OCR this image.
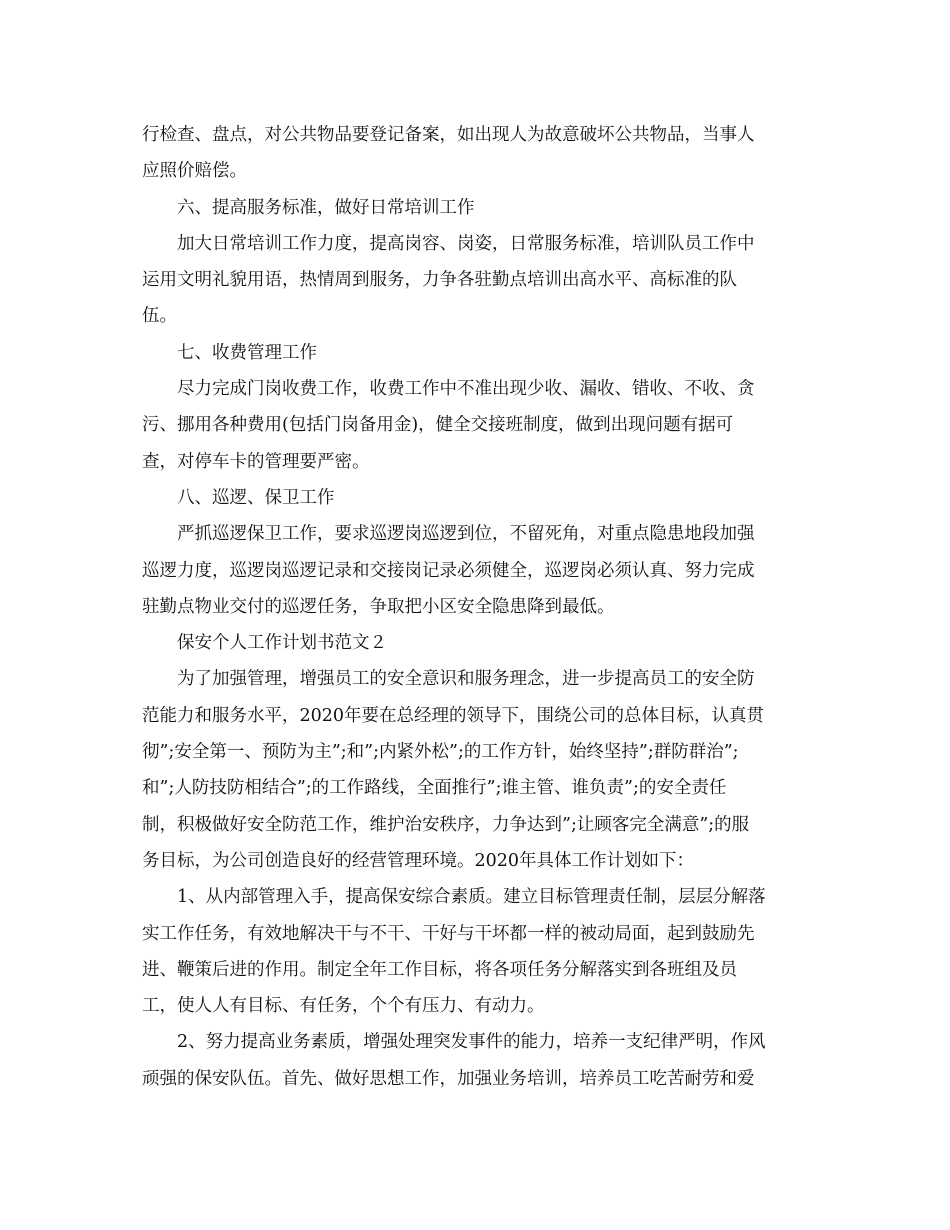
行检查、盘点，对公共物品要登记备案，如出现人为故意破坏公共物品，当事人
应照价赔偿。
六、提高服务标准，做好日常培训工作
加大日常培训工作力度，提高岗容、岗姿，日常服务标准，培训队员工作中
运用文明礼貌用语，热情周到服务，力争各驻勤点培训出高水平、高标准的队
伍。
七、收费管理工作
尽力完成门岗收费工作，收费工作中不准出现少收、漏收、错收、不收、贪
污、挪用各种费用(包括门岗备用金)，健全交接班制度，做到出现问题有据可
查，对停车卡的管理要严密。
八、巡逻、保卫工作
严抓巡逻保卫工作，要求巡逻岗巡逻到位，不留死角，对重点隐患地段加强
巡逻力度，巡逻岗巡逻记录和交接岗记录必须健全，巡逻岗必须认真、努力完成
驻勤点物业交付的巡逻任务，争取把小区安全隐患降到最低。
保安个人工作计划书范文２
为了加强管理，增强员工的安全意识和服务理念，进一步提高员工的安全防
范能力和服务水平，2020年要在总经理的领导下，围绕公司的总体目标，认真贯
彻”;安全第一、预防为主”;和”;内紧外松”;的工作方针，始终坚持”;群防群治”;
和”;人防技防相结合”;的工作路线，全面推行”;谁主管、谁负责”;的安全责任
制，积极做好安全防范工作，维护治安秩序，力争达到”;让顾客完全满意”;的服
务目标，为公司创造良好的经营管理环境。2020年具体工作计划如下：
1、从内部管理入手，提高保安综合素质。建立目标管理责任制，层层分解落
实工作任务，有效地解决干与不干、干好与干坏都一样的被动局面，起到鼓励先
进、鞭策后进的作用。制定全年工作目标，将各项任务分解落实到各班组及员
工，使人人有目标、有任务，个个有压力、有动力。
2、努力提高业务素质，增强处理突发事件的能力，培养一支纪律严明，作风
顽强的保安队伍。首先、做好思想工作，加强业务培训，培养员工吃苦耐劳和爱
